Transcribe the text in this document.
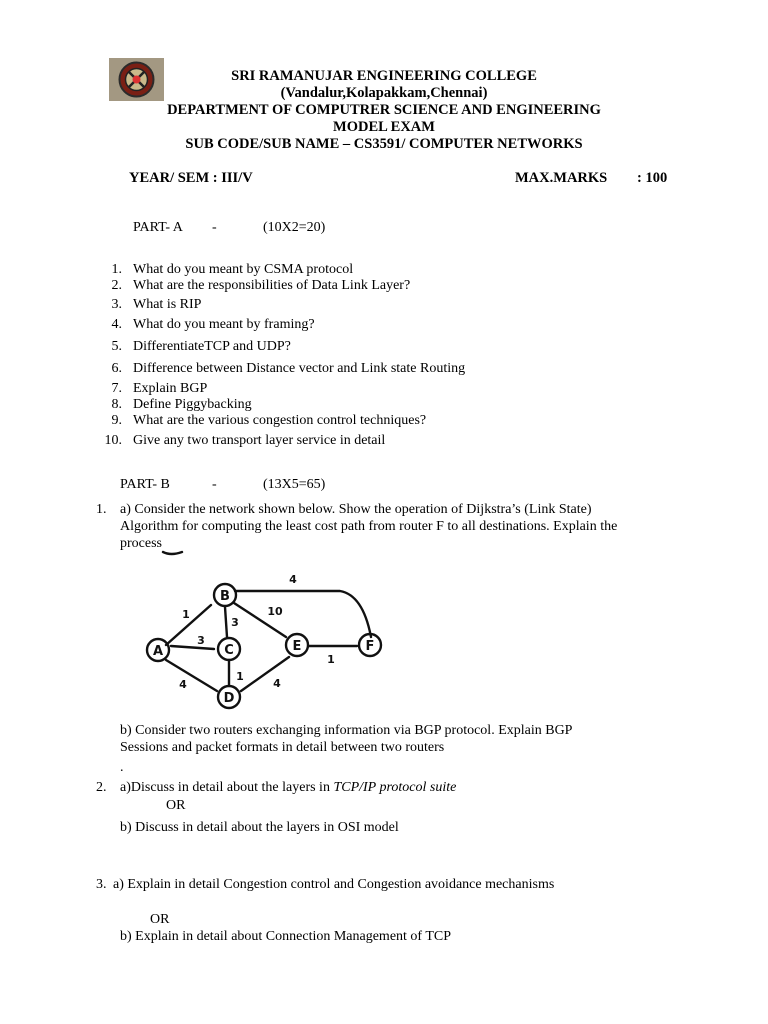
SRI RAMANUJAR ENGINEERING COLLEGE
(Vandalur,Kolapakkam,Chennai)
DEPARTMENT OF COMPUTRER SCIENCE AND ENGINEERING
MODEL EXAM
SUB CODE/SUB NAME – CS3591/ COMPUTER NETWORKS
YEAR/ SEM : III/V	MAX.MARKS : 100
PART- A -	(10X2=20)
1. What do you meant by CSMA protocol
2. What are the responsibilities of Data Link Layer?
3. What is RIP
4. What do you meant by framing?
5. DifferentiateTCP and UDP?
6. Difference between Distance vector and Link state Routing
7. Explain BGP
8. Define Piggybacking
9. What are the various congestion control techniques?
10. Give any two transport layer service in detail
PART- B	-	(13X5=65)
1. a) Consider the network shown below. Show the operation of Dijkstra’s (Link State)
Algorithm for computing the least cost path from router F to all destinations. Explain the
process
B
A	C
D
E	F
1
3
4
3
10
4
1
4
1
b) Consider two routers exchanging information via BGP protocol. Explain BGP
Sessions and packet formats in detail between two routers
.
2. a)Discuss in detail about the layers in TCP/IP protocol suite
OR
b) Discuss in detail about the layers in OSI model
3. a) Explain in detail Congestion control and Congestion avoidance mechanisms
OR
b) Explain in detail about Connection Management of TCP
